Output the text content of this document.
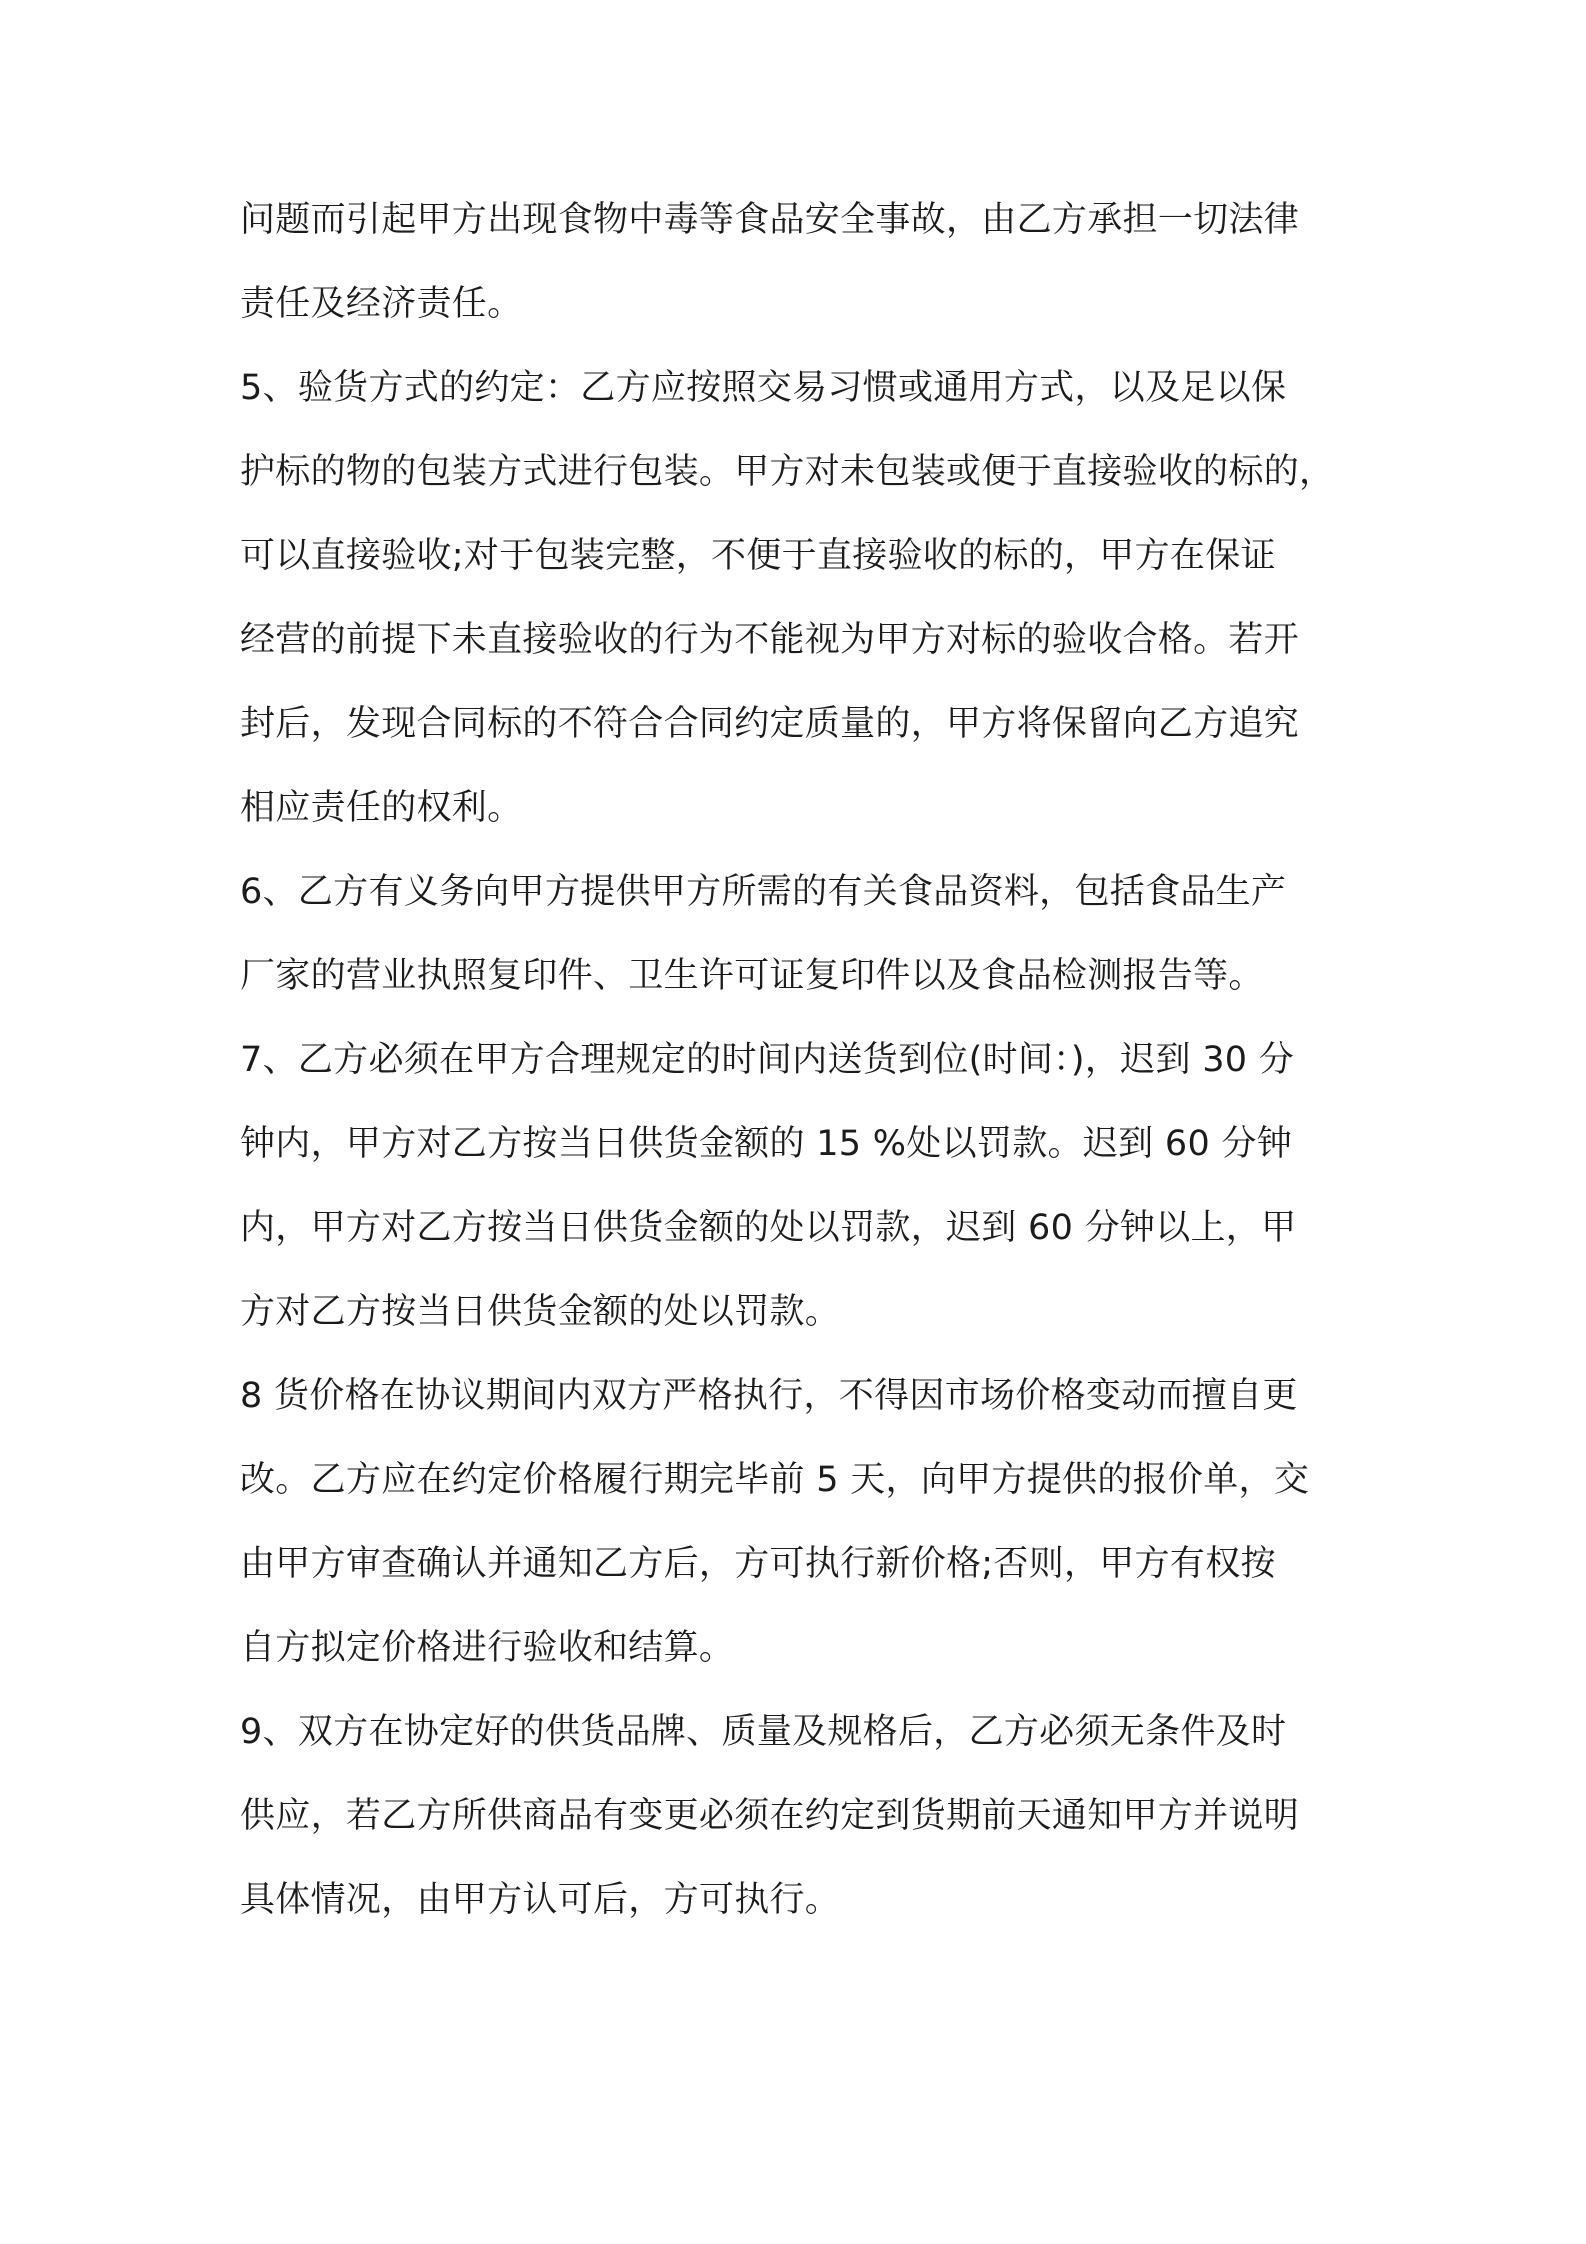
问题而引起甲方出现食物中毒等食品安全事故，由乙方承担一切法律
责任及经济责任。
5、验货方式的约定：乙方应按照交易习惯或通用方式，以及足以保
护标的物的包装方式进行包装。甲方对未包装或便于直接验收的标的，
可以直接验收;对于包装完整，不便于直接验收的标的，甲方在保证
经营的前提下未直接验收的行为不能视为甲方对标的验收合格。若开
封后，发现合同标的不符合合同约定质量的，甲方将保留向乙方追究
相应责任的权利。
6、乙方有义务向甲方提供甲方所需的有关食品资料，包括食品生产
厂家的营业执照复印件、卫生许可证复印件以及食品检测报告等。
7、乙方必须在甲方合理规定的时间内送货到位(时间：)，迟到 30 分
钟内，甲方对乙方按当日供货金额的 15 %处以罚款。迟到 60 分钟
内，甲方对乙方按当日供货金额的处以罚款，迟到 60 分钟以上，甲
方对乙方按当日供货金额的处以罚款。
8 货价格在协议期间内双方严格执行，不得因市场价格变动而擅自更
改。乙方应在约定价格履行期完毕前 5 天，向甲方提供的报价单，交
由甲方审查确认并通知乙方后，方可执行新价格;否则，甲方有权按
自方拟定价格进行验收和结算。
9、双方在协定好的供货品牌、质量及规格后，乙方必须无条件及时
供应，若乙方所供商品有变更必须在约定到货期前天通知甲方并说明
具体情况，由甲方认可后，方可执行。
